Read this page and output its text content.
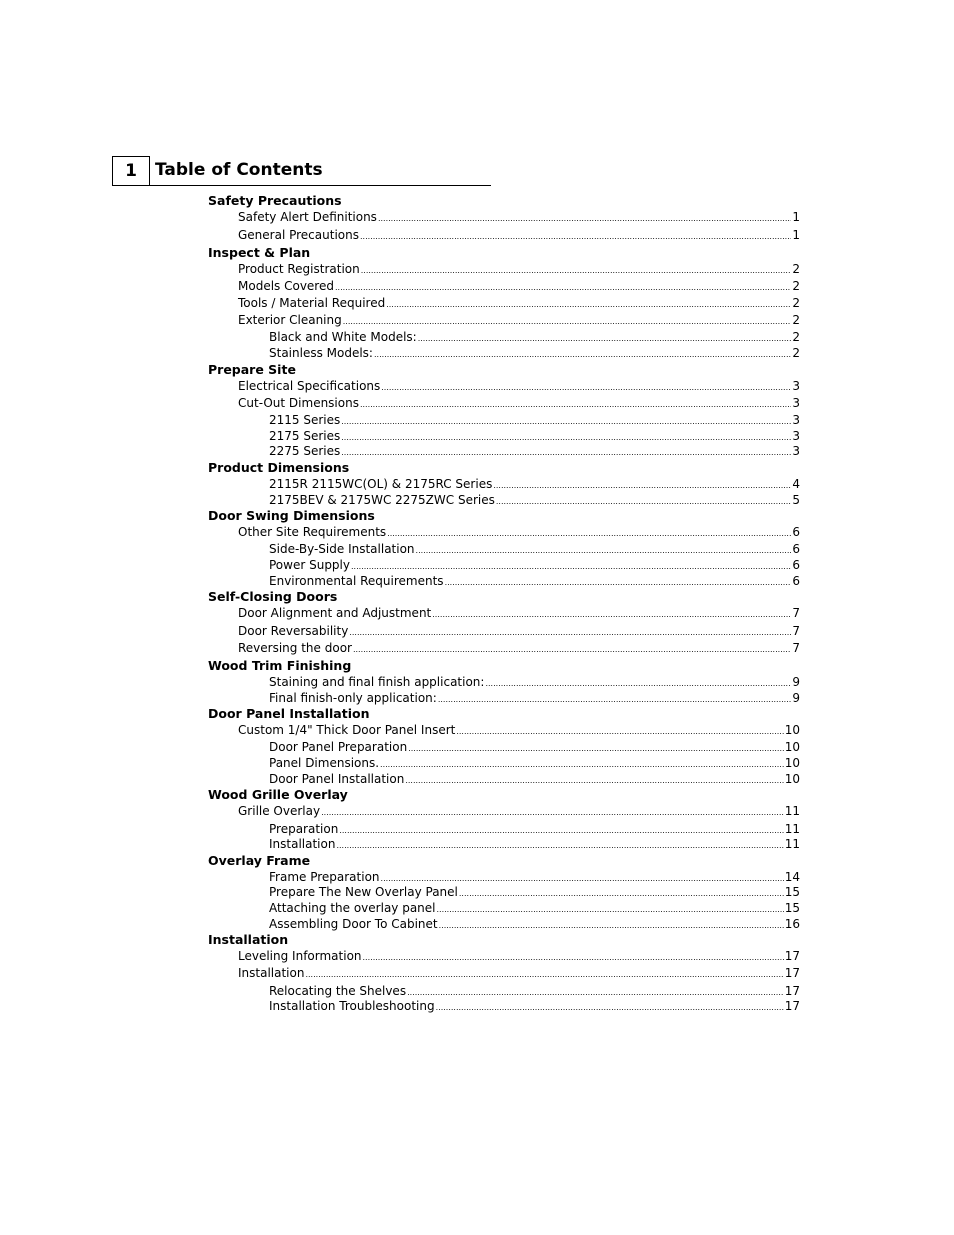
1	Table of Contents
Safety Precautions
Safety Alert Definitions .....	1
General Precautions .....	1
Inspect & Plan
Product Registration .....	2
Models Covered .....	2
Tools / Material Required .....	2
Exterior Cleaning .....	2
Black and White Models: .....	2
Stainless Models: .....	2
Prepare Site
Electrical Specifications .....	3
Cut-Out Dimensions .....	3
2115 Series .....	3
2175 Series .....	3
2275 Series .....	3
Product Dimensions
2115R 2115WC(OL) & 2175RC Series .....	4
2175BEV & 2175WC 2275ZWC Series .....	5
Door Swing Dimensions
Other Site Requirements .....	6
Side-By-Side Installation .....	6
Power Supply .....	6
Environmental Requirements .....	6
Self-Closing Doors
Door Alignment and Adjustment .....	7
Door Reversability .....	7
Reversing the door .....	7
Wood Trim Finishing
Staining and final finish application: .....	9
Final finish-only application: .....	9
Door Panel Installation
Custom 1/4" Thick Door Panel Insert .....	10
Door Panel Preparation .....	10
Panel Dimensions. .....	10
Door Panel Installation .....	10
Wood Grille Overlay
Grille Overlay .....	11
Preparation .....	11
Installation .....	11
Overlay Frame
Frame Preparation .....	14
Prepare The New Overlay Panel .....	15
Attaching the overlay panel .....	15
Assembling Door To Cabinet .....	16
Installation
Leveling Information .....	17
Installation .....	17
Relocating the Shelves .....	17
Installation Troubleshooting .....	17
